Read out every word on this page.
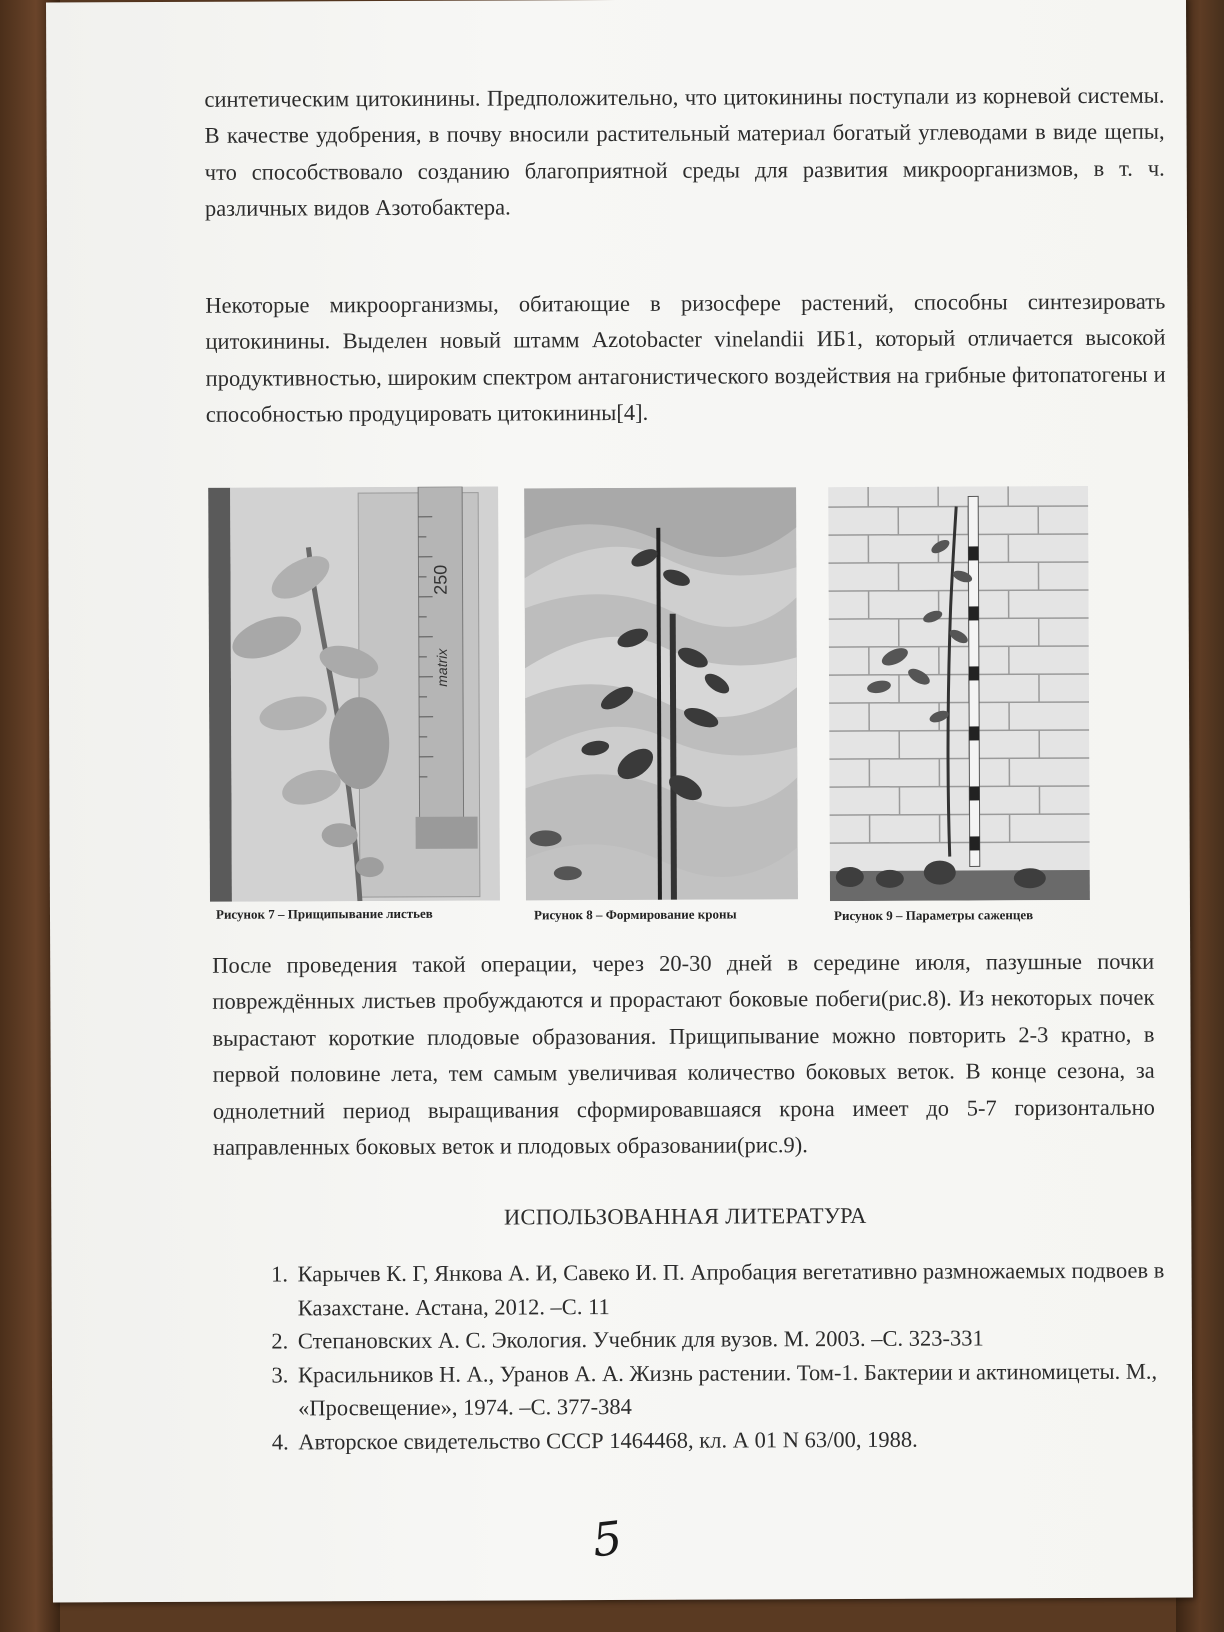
синтетическим цитокинины. Предположительно, что цитокинины поступали из корневой системы. В качестве удобрения, в почву вносили растительный материал богатый углеводами в виде щепы, что способствовало созданию благоприятной среды для развития микроорганизмов, в т. ч. различных видов Азотобактера.

Некоторые микроорганизмы, обитающие в ризосфере растений, способны синтезировать цитокинины. Выделен новый штамм Azotobacter vinelandii ИБ1, который отличается высокой продуктивностью, широким спектром антагонистического воздействия на грибные фитопатогены и способностью продуцировать цитокинины[4].

250
matrix
Рисунок 7 – Прищипывание листьев	Рисунок 8 – Формирование кроны	Рисунок 9 – Параметры саженцев

После проведения такой операции, через 20-30 дней в середине июля, пазушные почки повреждённых листьев пробуждаются и прорастают боковые побеги(рис.8). Из некоторых почек вырастают короткие плодовые образования. Прищипывание можно повторить 2-3 кратно, в первой половине лета, тем самым увеличивая количество боковых веток. В конце сезона, за однолетний период выращивания сформировавшаяся крона имеет до 5-7 горизонтально направленных боковых веток и плодовых образовании(рис.9).

ИСПОЛЬЗОВАННАЯ ЛИТЕРАТУРА
1. Карычев К. Г, Янкова А. И, Савеко И. П. Апробация вегетативно размножаемых подвоев в Казахстане. Астана, 2012. –С. 11
2. Степановских А. С. Экология. Учебник для вузов. М. 2003. –С. 323-331
3. Красильников Н. А., Уранов А. А. Жизнь растении. Том-1. Бактерии и актиномицеты. М., «Просвещение», 1974. –С. 377-384
4. Авторское свидетельство СССР 1464468, кл. А 01 N 63/00, 1988.
5
